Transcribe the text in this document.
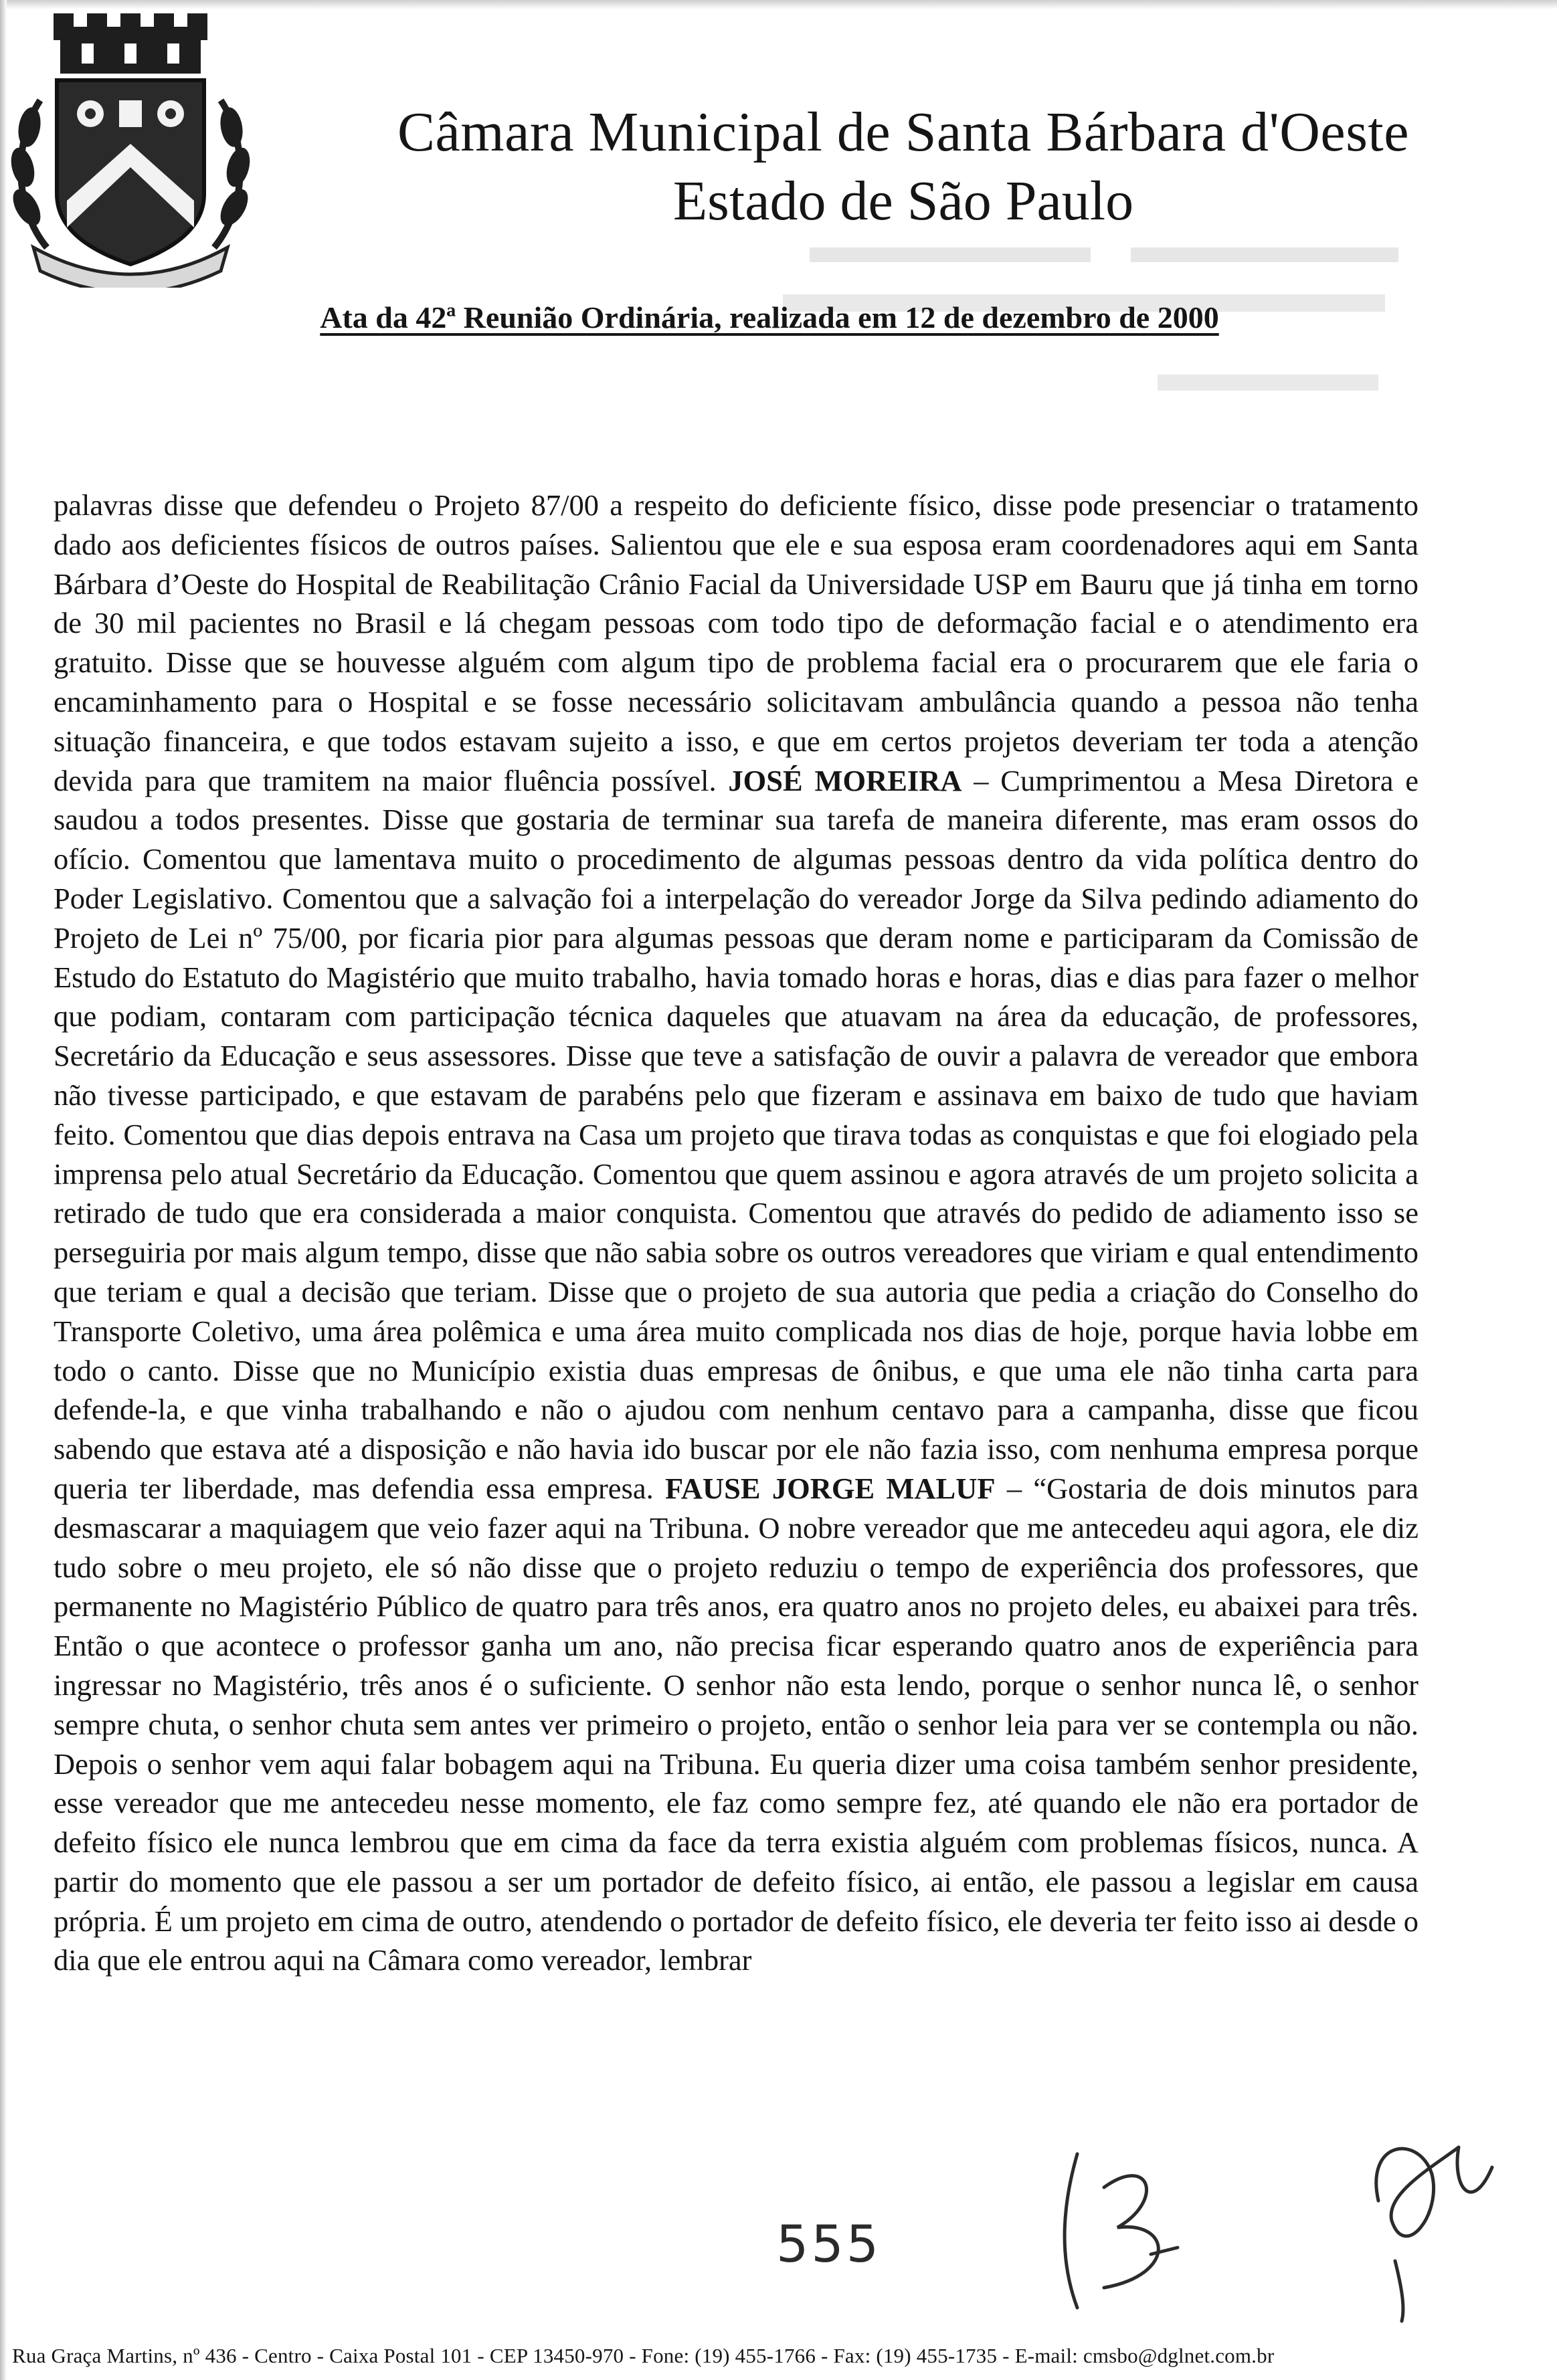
Câmara Municipal de Santa Bárbara d'Oeste
Estado de São Paulo
Ata da 42ª Reunião Ordinária, realizada em 12 de dezembro de 2000

palavras disse que defendeu o Projeto 87/00 a respeito do deficiente físico, disse pode presenciar o tratamento dado aos deficientes físicos de outros países. Salientou que ele e sua esposa eram coordenadores aqui em Santa Bárbara d’Oeste do Hospital de Reabilitação Crânio Facial da Universidade USP em Bauru que já tinha em torno de 30 mil pacientes no Brasil e lá chegam pessoas com todo tipo de deformação facial e o atendimento era gratuito. Disse que se houvesse alguém com algum tipo de problema facial era o procurarem que ele faria o encaminhamento para o Hospital e se fosse necessário solicitavam ambulância quando a pessoa não tenha situação financeira, e que todos estavam sujeito a isso, e que em certos projetos deveriam ter toda a atenção devida para que tramitem na maior fluência possível. JOSÉ MOREIRA – Cumprimentou a Mesa Diretora e saudou a todos presentes. Disse que gostaria de terminar sua tarefa de maneira diferente, mas eram ossos do ofício. Comentou que lamentava muito o procedimento de algumas pessoas dentro da vida política dentro do Poder Legislativo. Comentou que a salvação foi a interpelação do vereador Jorge da Silva pedindo adiamento do Projeto de Lei nº 75/00, por ficaria pior para algumas pessoas que deram nome e participaram da Comissão de Estudo do Estatuto do Magistério que muito trabalho, havia tomado horas e horas, dias e dias para fazer o melhor que podiam, contaram com participação técnica daqueles que atuavam na área da educação, de professores, Secretário da Educação e seus assessores. Disse que teve a satisfação de ouvir a palavra de vereador que embora não tivesse participado, e que estavam de parabéns pelo que fizeram e assinava em baixo de tudo que haviam feito. Comentou que dias depois entrava na Casa um projeto que tirava todas as conquistas e que foi elogiado pela imprensa pelo atual Secretário da Educação. Comentou que quem assinou e agora através de um projeto solicita a retirado de tudo que era considerada a maior conquista. Comentou que através do pedido de adiamento isso se perseguiria por mais algum tempo, disse que não sabia sobre os outros vereadores que viriam e qual entendimento que teriam e qual a decisão que teriam. Disse que o projeto de sua autoria que pedia a criação do Conselho do Transporte Coletivo, uma área polêmica e uma área muito complicada nos dias de hoje, porque havia lobbe em todo o canto. Disse que no Município existia duas empresas de ônibus, e que uma ele não tinha carta para defende-la, e que vinha trabalhando e não o ajudou com nenhum centavo para a campanha, disse que ficou sabendo que estava até a disposição e não havia ido buscar por ele não fazia isso, com nenhuma empresa porque queria ter liberdade, mas defendia essa empresa. FAUSE JORGE MALUF – “Gostaria de dois minutos para desmascarar a maquiagem que veio fazer aqui na Tribuna. O nobre vereador que me antecedeu aqui agora, ele diz tudo sobre o meu projeto, ele só não disse que o projeto reduziu o tempo de experiência dos professores, que permanente no Magistério Público de quatro para três anos, era quatro anos no projeto deles, eu abaixei para três. Então o que acontece o professor ganha um ano, não precisa ficar esperando quatro anos de experiência para ingressar no Magistério, três anos é o suficiente. O senhor não esta lendo, porque o senhor nunca lê, o senhor sempre chuta, o senhor chuta sem antes ver primeiro o projeto, então o senhor leia para ver se contempla ou não. Depois o senhor vem aqui falar bobagem aqui na Tribuna. Eu queria dizer uma coisa também senhor presidente, esse vereador que me antecedeu nesse momento, ele faz como sempre fez, até quando ele não era portador de defeito físico ele nunca lembrou que em cima da face da terra existia alguém com problemas físicos, nunca. A partir do momento que ele passou a ser um portador de defeito físico, ai então, ele passou a legislar em causa própria. É um projeto em cima de outro, atendendo o portador de defeito físico, ele deveria ter feito isso ai desde o dia que ele entrou aqui na Câmara como vereador, lembrar

555
Rua Graça Martins, nº 436 - Centro - Caixa Postal 101 - CEP 13450-970 - Fone: (19) 455-1766 - Fax: (19) 455-1735 - E-mail: cmsbo@dglnet.com.br
